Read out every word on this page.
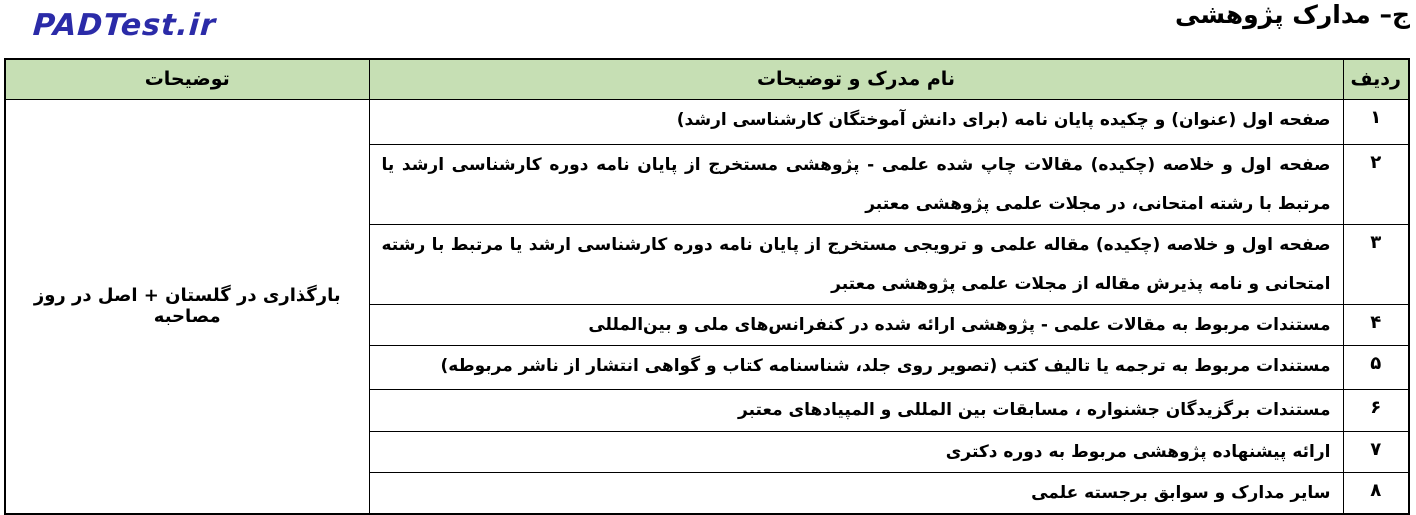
PADTest.ir	ج– مدارک پژوهشی
ردیف	نام مدرک و توضیحات	توضیحات
۱	صفحه اول (عنوان) و چکیده پایان نامه (برای دانش آموختگان کارشناسی ارشد)	بارگذاری در گلستان + اصل در روز مصاحبه
۲	صفحه اول و خلاصه (چکیده) مقالات چاپ شده علمی - پژوهشی مستخرج از پایان نامه دوره کارشناسی ارشد یا مرتبط با رشته امتحانی، در مجلات علمی پژوهشی معتبر	
۳	صفحه اول و خلاصه (چکیده) مقاله علمی و ترویجی مستخرج از پایان نامه دوره کارشناسی ارشد یا مرتبط با رشته امتحانی و نامه پذیرش مقاله از مجلات علمی پژوهشی معتبر	
۴	مستندات مربوط به مقالات علمی - پژوهشی ارائه شده در کنفرانس‌های ملی و بین‌المللی	
۵	مستندات مربوط به ترجمه یا تالیف کتب (تصویر روی جلد، شناسنامه کتاب و گواهی انتشار از ناشر مربوطه)	
۶	مستندات برگزیدگان جشنواره ، مسابقات بین المللی و المپیادهای معتبر	
۷	ارائه پیشنهاده پژوهشی مربوط به دوره دکتری	
۸	سایر مدارک و سوابق برجسته علمی	
